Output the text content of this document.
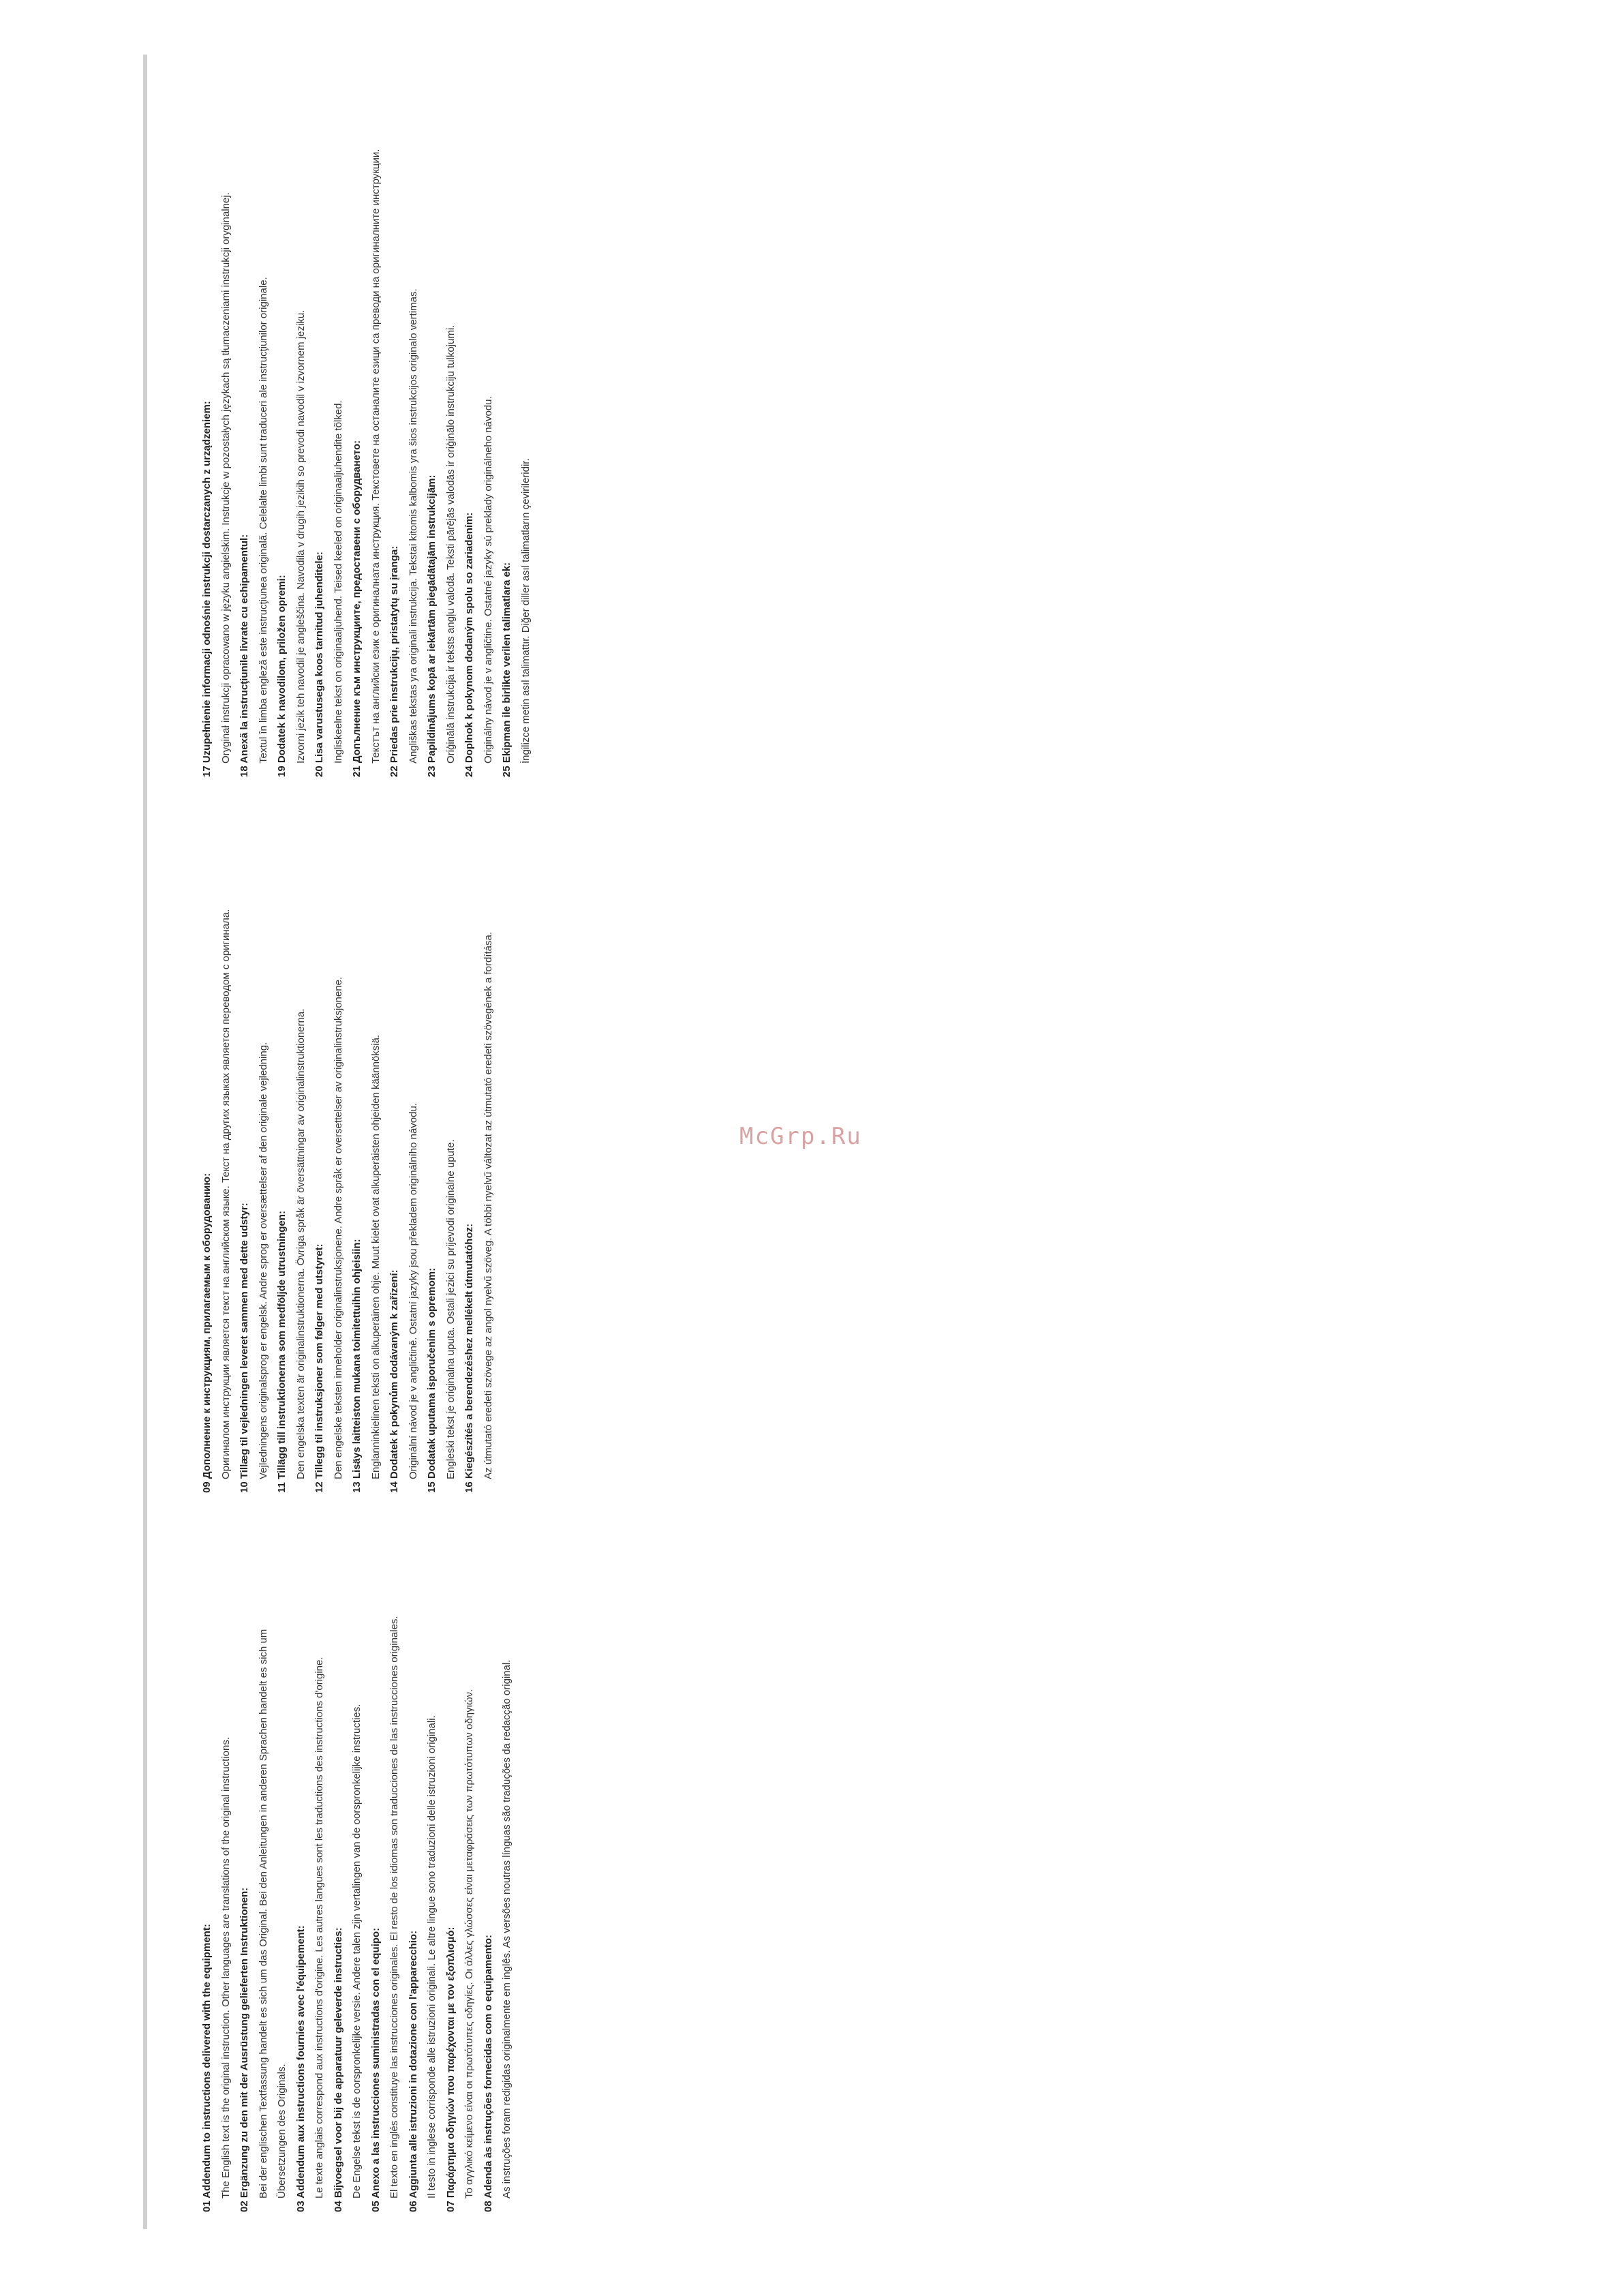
01 Addendum to instructions delivered with the equipment: The English text is the original instruction. Other languages are translations of the original instructions. 02 Ergänzung zu den mit der Ausrüstung gelieferten Instruktionen: Bei der englischen Textfassung handelt es sich um das Original. Bei den Anleitungen in anderen Sprachen handelt es sich um Übersetzungen des Originals. 03 Addendum aux instructions fournies avec l'équipement: Le texte anglais correspond aux instructions d'origine. Les autres langues sont les traductions des instructions d'origine. 04 Bijvoegsel voor bij de apparatuur geleverde instructies: De Engelse tekst is de oorspronkelijke versie. Andere talen zijn vertalingen van de oorspronkelijke instructies. 05 Anexo a las instrucciones suministradas con el equipo: El texto en inglés constituye las instrucciones originales. El resto de los idiomas son traducciones de las instrucciones originales. 06 Aggiunta alle istruzioni in dotazione con l'apparecchio: Il testo in inglese corrisponde alle istruzioni originali. Le altre lingue sono traduzioni delle istruzioni originali. 07 Παράρτημα οδηγιών που παρέχονται με τον εξοπλισμό: Το αγγλικό κείμενο είναι οι πρωτότυπες οδηγίες. Οι άλλες γλώσσες είναι μεταφράσεις των πρωτότυπων οδηγιών. 08 Adenda às instruções fornecidas com o equipamento: As instruções foram redigidas originalmente em inglês. As versões noutras línguas são traduções da redacção original.
09 Дополнение к инструкциям, прилагаемым к оборудованию: Оригиналом инструкции является текст на английском языке. Текст на других языках является переводом с оригинала. 10 Tillæg til vejledningen leveret sammen med dette udstyr: Vejledningens originalsprog er engelsk. Andre sprog er oversættelser af den originale vejledning. 11 Tillägg till instruktionerna som medföljde utrustningen: Den engelska texten är originalinstruktionerna. Övriga språk är översättningar av originalinstruktionerna. 12 Tillegg til instruksjoner som følger med utstyret: Den engelske teksten inneholder originalinstruksjonene. Andre språk er oversettelser av originalinstruksjonene. 13 Lisäys laitteiston mukana toimitettuihin ohjeisiin: Englanninkielinen teksti on alkuperäinen ohje. Muut kielet ovat alkuperäisten ohjeiden käännöksiä. 14 Dodatek k pokynům dodávaným k zařízení: Originální návod je v angličtině. Ostatní jazyky jsou překladem originálního návodu. 15 Dodatak uputama isporučenim s opremom: Engleski tekst je originalna uputa. Ostali jezici su prijevodi originalne upute. 16 Kiegészítés a berendezéshez mellékelt útmutatóhoz: Az útmutató eredeti szövege az angol nyelvű szöveg. A többi nyelvű változat az útmutató eredeti szövegének a fordítása.
17 Uzupełnienie informacji odnośnie instrukcji dostarczanych z urządzeniem: Oryginał instrukcji opracowano w języku angielskim. Instrukcje w pozostałych językach są tłumaczeniami instrukcji oryginalnej. 18 Anexă la instrucţiunile livrate cu echipamentul: Textul în limba engleză este instrucţiunea originală. Celelalte limbi sunt traduceri ale instrucţiunilor originale. 19 Dodatek k navodilom, priložen opremi: Izvorni jezik teh navodil je angleščina. Navodila v drugih jezikih so prevodi navodil v izvornem jeziku. 20 Lisa varustusega koos tarnitud juhenditele: Ingliskeelne tekst on originaaljuhend. Teised keeled on originaaljuhendite tõlked. 21 Допълнение към инструкциите, предоставени с оборудването: Текстът на английски език е оригиналната инструкция. Текстовете на останалите езици са преводи на оригиналните инструкции. 22 Priedas prie instrukcijų, pristatytų su įranga: Angliškas tekstas yra originali instrukcija. Tekstai kitomis kalbomis yra šios instrukcijos originalo vertimas. 23 Papildinājums kopā ar iekārtām piegādātajām instrukcijām: Oriģinālā instrukcija ir teksts angļu valodā. Teksti pārējās valodās ir oriģinālo instrukciju tulkojumi. 24 Doplnok k pokynom dodaným spolu so zariadením: Originálny návod je v angličtine. Ostatné jazyky sú preklady originálneho návodu. 25 Ekipman ile birlikte verilen talimatlara ek: İngilizce metin asıl talimattır. Diğer diller asıl talimatların çevirileridir.
McGrp.Ru
